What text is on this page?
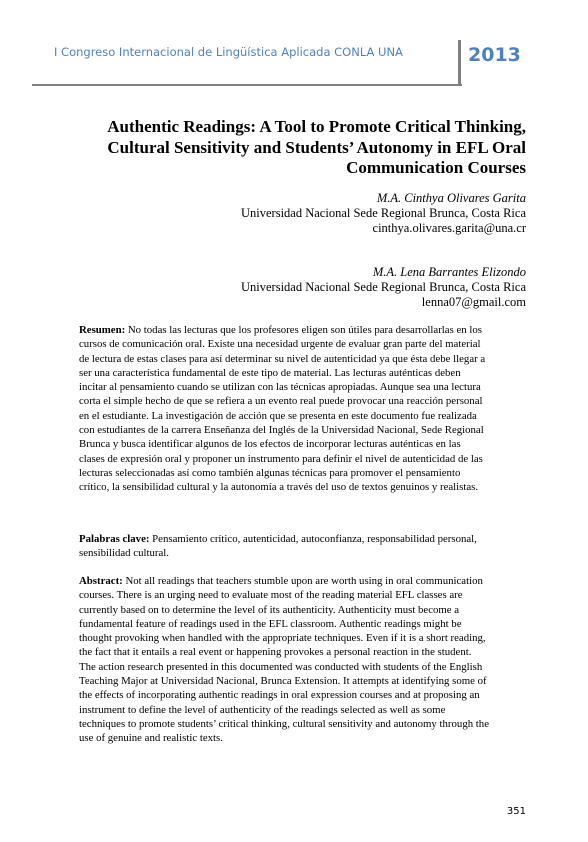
I Congreso Internacional de Lingüística Aplicada CONLA UNA	2013
Authentic Readings: A Tool to Promote Critical Thinking,
Cultural Sensitivity and Students’ Autonomy in EFL Oral
Communication Courses
M.A. Cinthya Olivares Garita
Universidad Nacional Sede Regional Brunca, Costa Rica
cinthya.olivares.garita@una.cr
M.A. Lena Barrantes Elizondo
Universidad Nacional Sede Regional Brunca, Costa Rica
lenna07@gmail.com

Resumen: No todas las lecturas que los profesores eligen son útiles para desarrollarlas en los cursos de comunicación oral. Existe una necesidad urgente de evaluar gran parte del material de lectura de estas clases para así determinar su nivel de autenticidad ya que ésta debe llegar a ser una característica fundamental de este tipo de material. Las lecturas auténticas deben incitar al pensamiento cuando se utilizan con las técnicas apropiadas. Aunque sea una lectura corta el simple hecho de que se refiera a un evento real puede provocar una reacción personal en el estudiante. La investigación de acción que se presenta en este documento fue realizada con estudiantes de la carrera Enseñanza del Inglés de la Universidad Nacional, Sede Regional Brunca y busca identificar algunos de los efectos de incorporar lecturas auténticas en las clases de expresión oral y proponer un instrumento para definir el nivel de autenticidad de las lecturas seleccionadas así como también algunas técnicas para promover el pensamiento crítico, la sensibilidad cultural y la autonomía a través del uso de textos genuinos y realistas.

Palabras clave: Pensamiento crítico, autenticidad, autoconfianza, responsabilidad personal, sensibilidad cultural.

Abstract: Not all readings that teachers stumble upon are worth using in oral communication courses. There is an urging need to evaluate most of the reading material EFL classes are currently based on to determine the level of its authenticity. Authenticity must become a fundamental feature of readings used in the EFL classroom. Authentic readings might be thought provoking when handled with the appropriate techniques. Even if it is a short reading, the fact that it entails a real event or happening provokes a personal reaction in the student. The action research presented in this documented was conducted with students of the English Teaching Major at Universidad Nacional, Brunca Extension. It attempts at identifying some of the effects of incorporating authentic readings in oral expression courses and at proposing an instrument to define the level of authenticity of the readings selected as well as some techniques to promote students’ critical thinking, cultural sensitivity and autonomy through the use of genuine and realistic texts.

351
